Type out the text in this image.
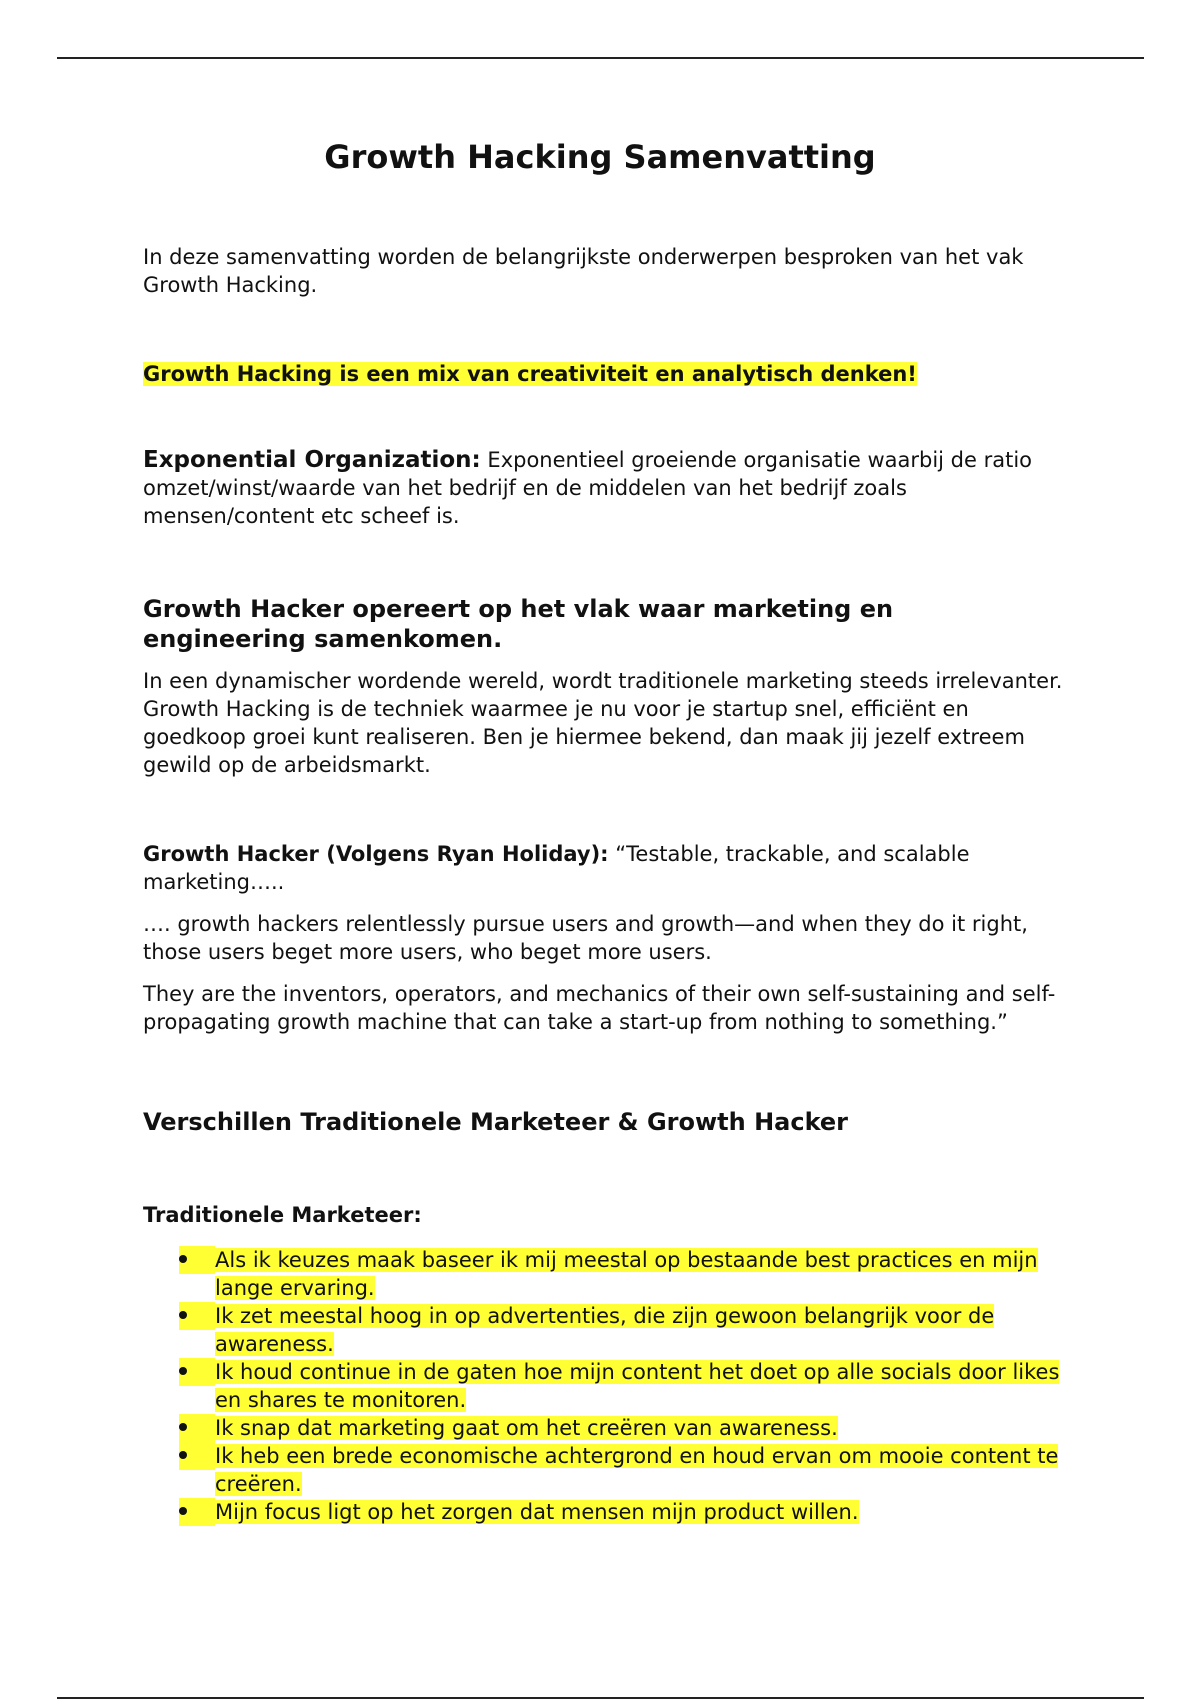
Growth Hacking Samenvatting

In deze samenvatting worden de belangrijkste onderwerpen besproken van het vak Growth Hacking.

Growth Hacking is een mix van creativiteit en analytisch denken!

Exponential Organization: Exponentieel groeiende organisatie waarbij de ratio omzet/winst/waarde van het bedrijf en de middelen van het bedrijf zoals mensen/content etc scheef is.

Growth Hacker opereert op het vlak waar marketing en engineering samenkomen.

In een dynamischer wordende wereld, wordt traditionele marketing steeds irrelevanter. Growth Hacking is de techniek waarmee je nu voor je startup snel, efficiënt en goedkoop groei kunt realiseren. Ben je hiermee bekend, dan maak jij jezelf extreem gewild op de arbeidsmarkt.

Growth Hacker (Volgens Ryan Holiday): “Testable, trackable, and scalable marketing…..

…. growth hackers relentlessly pursue users and growth—and when they do it right, those users beget more users, who beget more users.

They are the inventors, operators, and mechanics of their own self-sustaining and self-propagating growth machine that can take a start-up from nothing to something.”

Verschillen Traditionele Marketeer & Growth Hacker
Traditionele Marketeer:
Als ik keuzes maak baseer ik mij meestal op bestaande best practices en mijn lange ervaring.
Ik zet meestal hoog in op advertenties, die zijn gewoon belangrijk voor de awareness.
Ik houd continue in de gaten hoe mijn content het doet op alle socials door likes en shares te monitoren.
Ik snap dat marketing gaat om het creëren van awareness.
Ik heb een brede economische achtergrond en houd ervan om mooie content te creëren.
Mijn focus ligt op het zorgen dat mensen mijn product willen.
